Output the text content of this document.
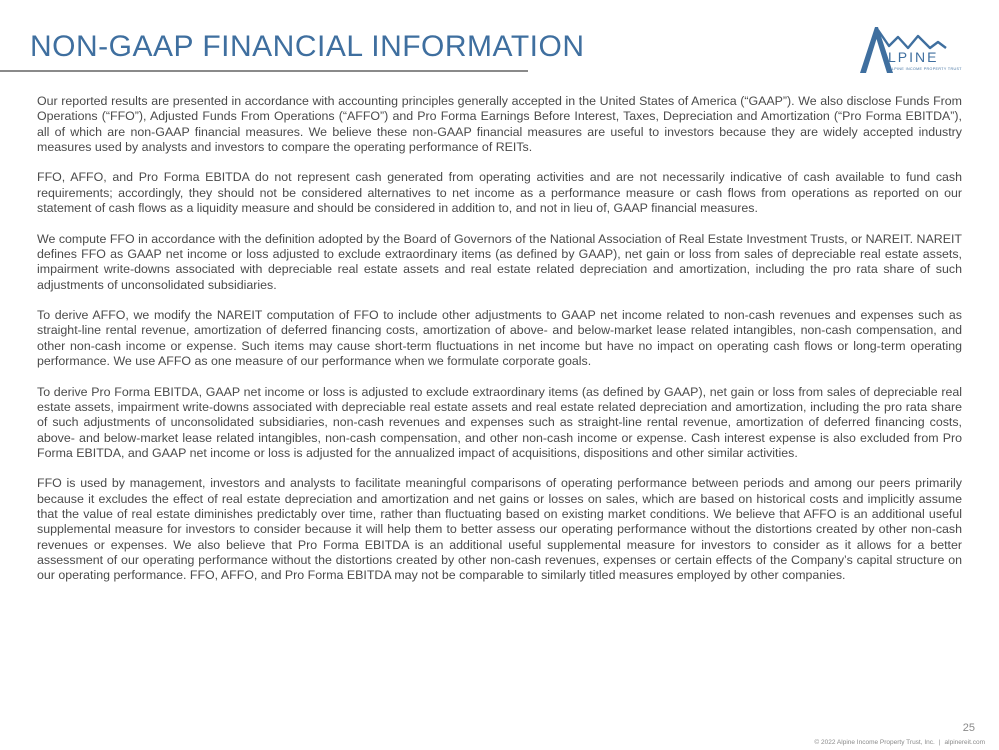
NON-GAAP FINANCIAL INFORMATION	LPINE
ALPINE INCOME PROPERTY TRUST

Our reported results are presented in accordance with accounting principles generally accepted in the United States of America (“GAAP”). We also disclose Funds From Operations (“FFO”), Adjusted Funds From Operations (“AFFO”) and Pro Forma Earnings Before Interest, Taxes, Depreciation and Amortization (“Pro Forma EBITDA”), all of which are non-GAAP financial measures. We believe these non-GAAP financial measures are useful to investors because they are widely accepted industry measures used by analysts and investors to compare the operating performance of REITs.

FFO, AFFO, and Pro Forma EBITDA do not represent cash generated from operating activities and are not necessarily indicative of cash available to fund cash requirements; accordingly, they should not be considered alternatives to net income as a performance measure or cash flows from operations as reported on our statement of cash flows as a liquidity measure and should be considered in addition to, and not in lieu of, GAAP financial measures.

We compute FFO in accordance with the definition adopted by the Board of Governors of the National Association of Real Estate Investment Trusts, or NAREIT. NAREIT defines FFO as GAAP net income or loss adjusted to exclude extraordinary items (as defined by GAAP), net gain or loss from sales of depreciable real estate assets, impairment write-downs associated with depreciable real estate assets and real estate related depreciation and amortization, including the pro rata share of such adjustments of unconsolidated subsidiaries.

To derive AFFO, we modify the NAREIT computation of FFO to include other adjustments to GAAP net income related to non-cash revenues and expenses such as straight-line rental revenue, amortization of deferred financing costs, amortization of above- and below-market lease related intangibles, non-cash compensation, and other non-cash income or expense. Such items may cause short-term fluctuations in net income but have no impact on operating cash flows or long-term operating performance. We use AFFO as one measure of our performance when we formulate corporate goals.

To derive Pro Forma EBITDA, GAAP net income or loss is adjusted to exclude extraordinary items (as defined by GAAP), net gain or loss from sales of depreciable real estate assets, impairment write-downs associated with depreciable real estate assets and real estate related depreciation and amortization, including the pro rata share of such adjustments of unconsolidated subsidiaries, non-cash revenues and expenses such as straight-line rental revenue, amortization of deferred financing costs, above- and below-market lease related intangibles, non-cash compensation, and other non-cash income or expense. Cash interest expense is also excluded from Pro Forma EBITDA, and GAAP net income or loss is adjusted for the annualized impact of acquisitions, dispositions and other similar activities.

FFO is used by management, investors and analysts to facilitate meaningful comparisons of operating performance between periods and among our peers primarily because it excludes the effect of real estate depreciation and amortization and net gains or losses on sales, which are based on historical costs and implicitly assume that the value of real estate diminishes predictably over time, rather than fluctuating based on existing market conditions. We believe that AFFO is an additional useful supplemental measure for investors to consider because it will help them to better assess our operating performance without the distortions created by other non-cash revenues or expenses. We also believe that Pro Forma EBITDA is an additional useful supplemental measure for investors to consider as it allows for a better assessment of our operating performance without the distortions created by other non-cash revenues, expenses or certain effects of the Company’s capital structure on our operating performance. FFO, AFFO, and Pro Forma EBITDA may not be comparable to similarly titled measures employed by other companies.

25
© 2022 Alpine Income Property Trust, Inc. | alpinereit.com
